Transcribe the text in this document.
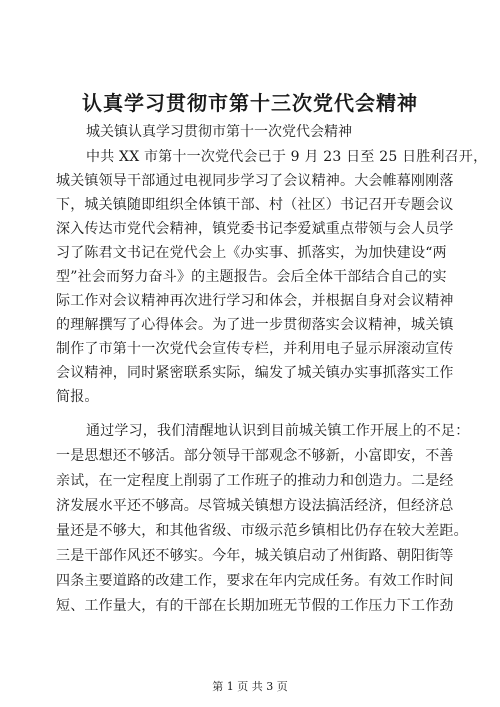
认真学习贯彻市第十三次党代会精神
城关镇认真学习贯彻市第十一次党代会精神
中共 XX 市第十一次党代会已于 9 月 23 日至 25 日胜利召开，
城关镇领导干部通过电视同步学习了会议精神。大会帷幕刚刚落
下，城关镇随即组织全体镇干部、村（社区）书记召开专题会议
深入传达市党代会精神，镇党委书记李爱斌重点带领与会人员学
习了陈君文书记在党代会上《办实事、抓落实，为加快建设“两
型”社会而努力奋斗》的主题报告。会后全体干部结合自己的实
际工作对会议精神再次进行学习和体会，并根据自身对会议精神
的理解撰写了心得体会。为了进一步贯彻落实会议精神，城关镇
制作了市第十一次党代会宣传专栏，并利用电子显示屏滚动宣传
会议精神，同时紧密联系实际，编发了城关镇办实事抓落实工作
简报。
通过学习，我们清醒地认识到目前城关镇工作开展上的不足：
一是思想还不够活。部分领导干部观念不够新，小富即安，不善
亲试，在一定程度上削弱了工作班子的推动力和创造力。二是经
济发展水平还不够高。尽管城关镇想方设法搞活经济，但经济总
量还是不够大，和其他省级、市级示范乡镇相比仍存在较大差距。
三是干部作风还不够实。今年，城关镇启动了州街路、朝阳街等
四条主要道路的改建工作，要求在年内完成任务。有效工作时间
短、工作量大，有的干部在长期加班无节假的工作压力下工作劲
第 1 页 共 3 页
